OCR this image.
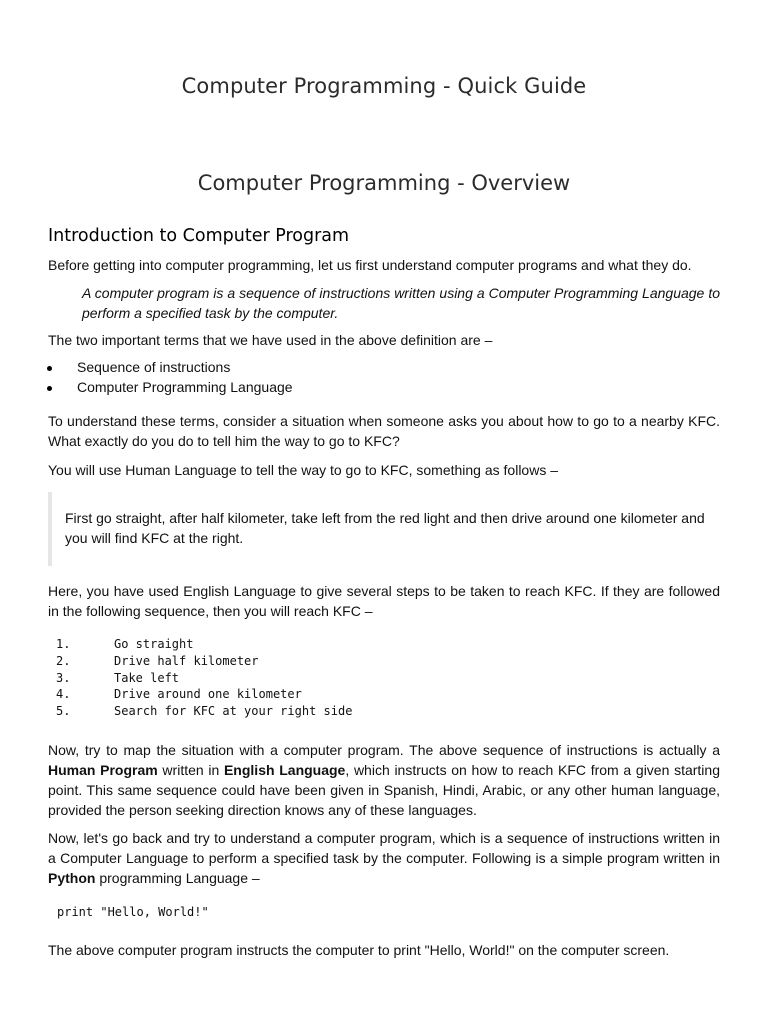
Computer Programming - Quick Guide
Computer Programming - Overview
Introduction to Computer Program

Before getting into computer programming, let us first understand computer programs and what they do.

A computer program is a sequence of instructions written using a Computer Programming Language to perform a specified task by the computer.

The two important terms that we have used in the above definition are –

Sequence of instructions
Computer Programming Language

To understand these terms, consider a situation when someone asks you about how to go to a nearby KFC. What exactly do you do to tell him the way to go to KFC?

You will use Human Language to tell the way to go to KFC, something as follows –

First go straight, after half kilometer, take left from the red light and then drive around one kilometer and you will find KFC at the right.

Here, you have used English Language to give several steps to be taken to reach KFC. If they are followed in the following sequence, then you will reach KFC –

1.	Go straight
2.	Drive half kilometer
3.	Take left
4.	Drive around one kilometer
5.	Search for KFC at your right side

Now, try to map the situation with a computer program. The above sequence of instructions is actually a Human Program written in English Language, which instructs on how to reach KFC from a given starting point. This same sequence could have been given in Spanish, Hindi, Arabic, or any other human language, provided the person seeking direction knows any of these languages.

Now, let's go back and try to understand a computer program, which is a sequence of instructions written in a Computer Language to perform a specified task by the computer. Following is a simple program written in Python programming Language –

print "Hello, World!"

The above computer program instructs the computer to print "Hello, World!" on the computer screen.
